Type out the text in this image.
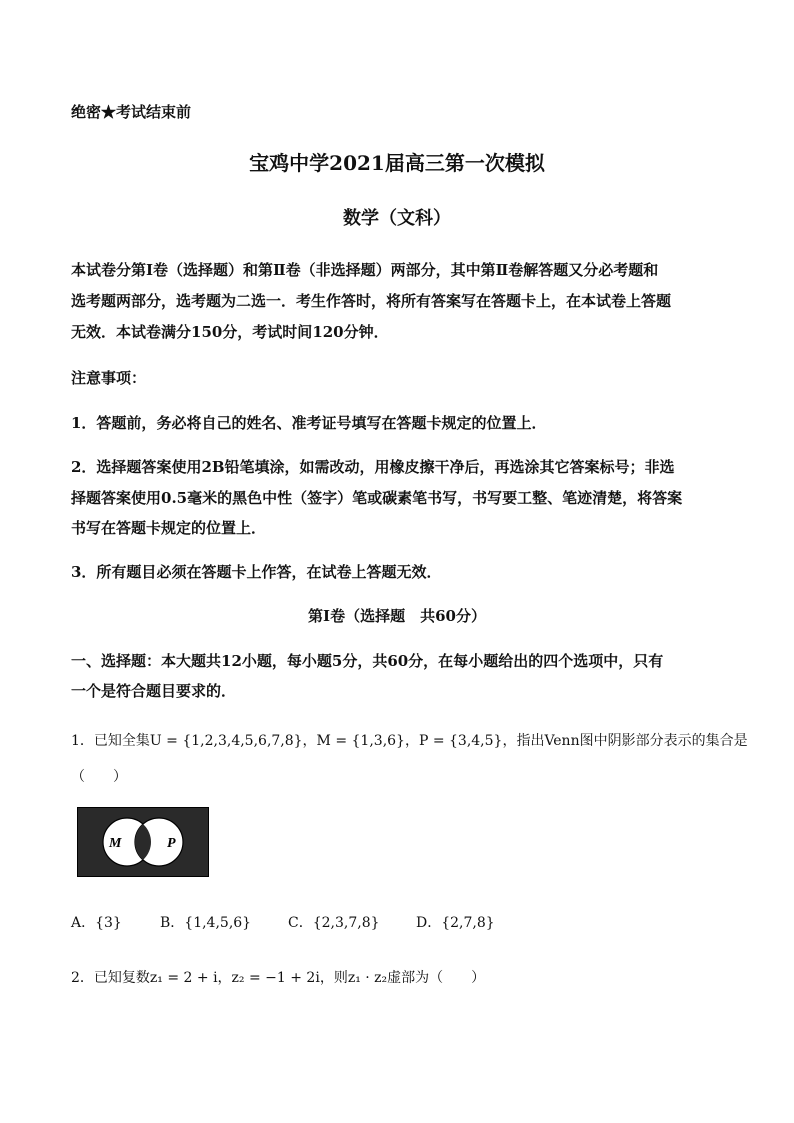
绝密★考试结束前
宝鸡中学2021届高三第一次模拟
数学（文科）
本试卷分第Ⅰ卷（选择题）和第Ⅱ卷（非选择题）两部分，其中第Ⅱ卷解答题又分必考题和
选考题两部分，选考题为二选一．考生作答时，将所有答案写在答题卡上，在本试卷上答题
无效．本试卷满分150分，考试时间120分钟．
注意事项：
1．答题前，务必将自己的姓名、准考证号填写在答题卡规定的位置上．
2．选择题答案使用2B铅笔填涂，如需改动，用橡皮擦干净后，再选涂其它答案标号；非选
择题答案使用0.5毫米的黑色中性（签字）笔或碳素笔书写，书写要工整、笔迹清楚，将答案
书写在答题卡规定的位置上．
3．所有题目必须在答题卡上作答，在试卷上答题无效．
第Ⅰ卷（选择题　共60分）
一、选择题：本大题共12小题，每小题5分，共60分，在每小题给出的四个选项中，只有
一个是符合题目要求的．
1．已知全集U = {1,2,3,4,5,6,7,8}，M = {1,3,6}，P = {3,4,5}，指出Venn图中阴影部分表示的集合是
（　　）
M	P
A．{3}	B．{1,4,5,6}	C．{2,3,7,8}	D．{2,7,8}
2．已知复数z₁ = 2 + i，z₂ = −1 + 2i，则z₁ · z₂虚部为（　　）
